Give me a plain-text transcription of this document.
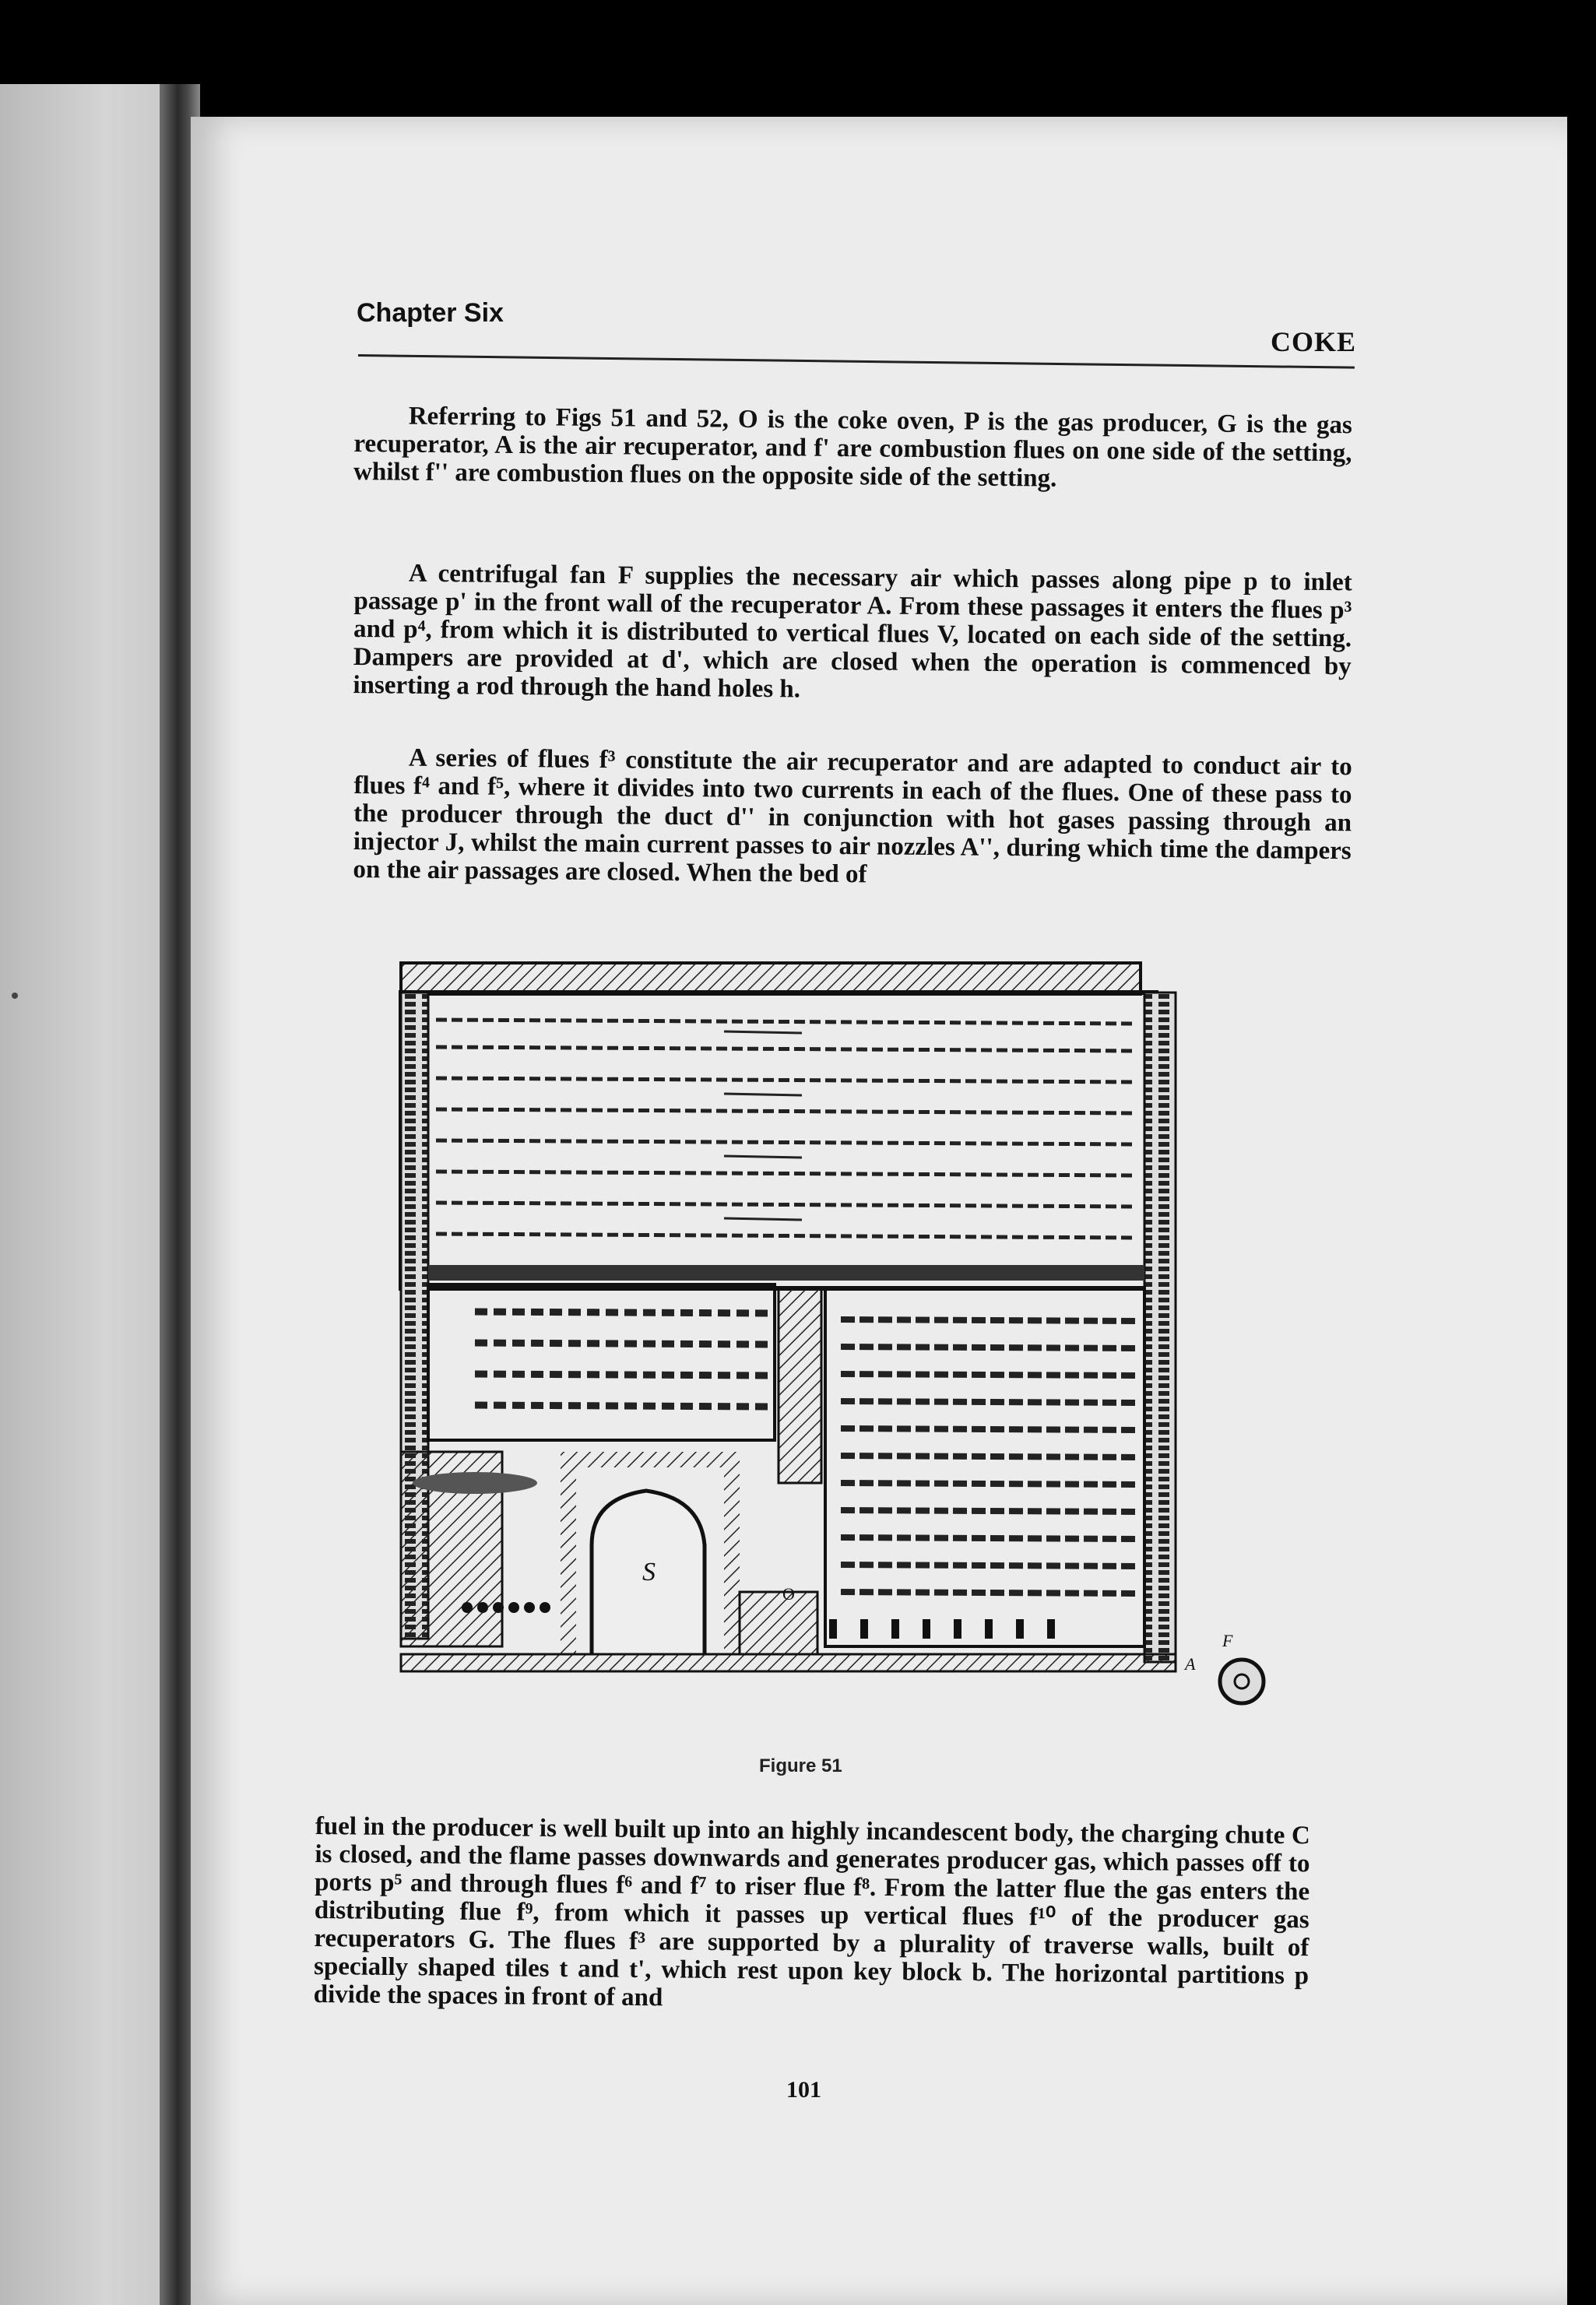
Chapter Six
COKE

Referring to Figs 51 and 52, O is the coke oven, P is the gas producer, G is the gas recuperator, A is the air recuperator, and f' are combustion flues on one side of the setting, whilst f'' are combustion flues on the opposite side of the setting.

A centrifugal fan F supplies the necessary air which passes along pipe p to inlet passage p' in the front wall of the recuperator A. From these passages it enters the flues p³ and p⁴, from which it is distributed to vertical flues V, located on each side of the setting. Dampers are provided at d', which are closed when the operation is commenced by inserting a rod through the hand holes h.

A series of flues f³ constitute the air recuperator and are adapted to conduct air to flues f⁴ and f⁵, where it divides into two currents in each of the flues. One of these pass to the producer through the duct d'' in conjunction with hot gases passing through an injector J, whilst the main current passes to air nozzles A'', during which time the dampers on the air passages are closed. When the bed of

S
O
F
A
Figure 51

fuel in the producer is well built up into an highly incandescent body, the charging chute C is closed, and the flame passes downwards and generates producer gas, which passes off to ports p⁵ and through flues f⁶ and f⁷ to riser flue f⁸. From the latter flue the gas enters the distributing flue f⁹, from which it passes up vertical flues f¹⁰ of the producer gas recuperators G. The flues f³ are supported by a plurality of traverse walls, built of specially shaped tiles t and t', which rest upon key block b. The horizontal partitions p divide the spaces in front of and

101
